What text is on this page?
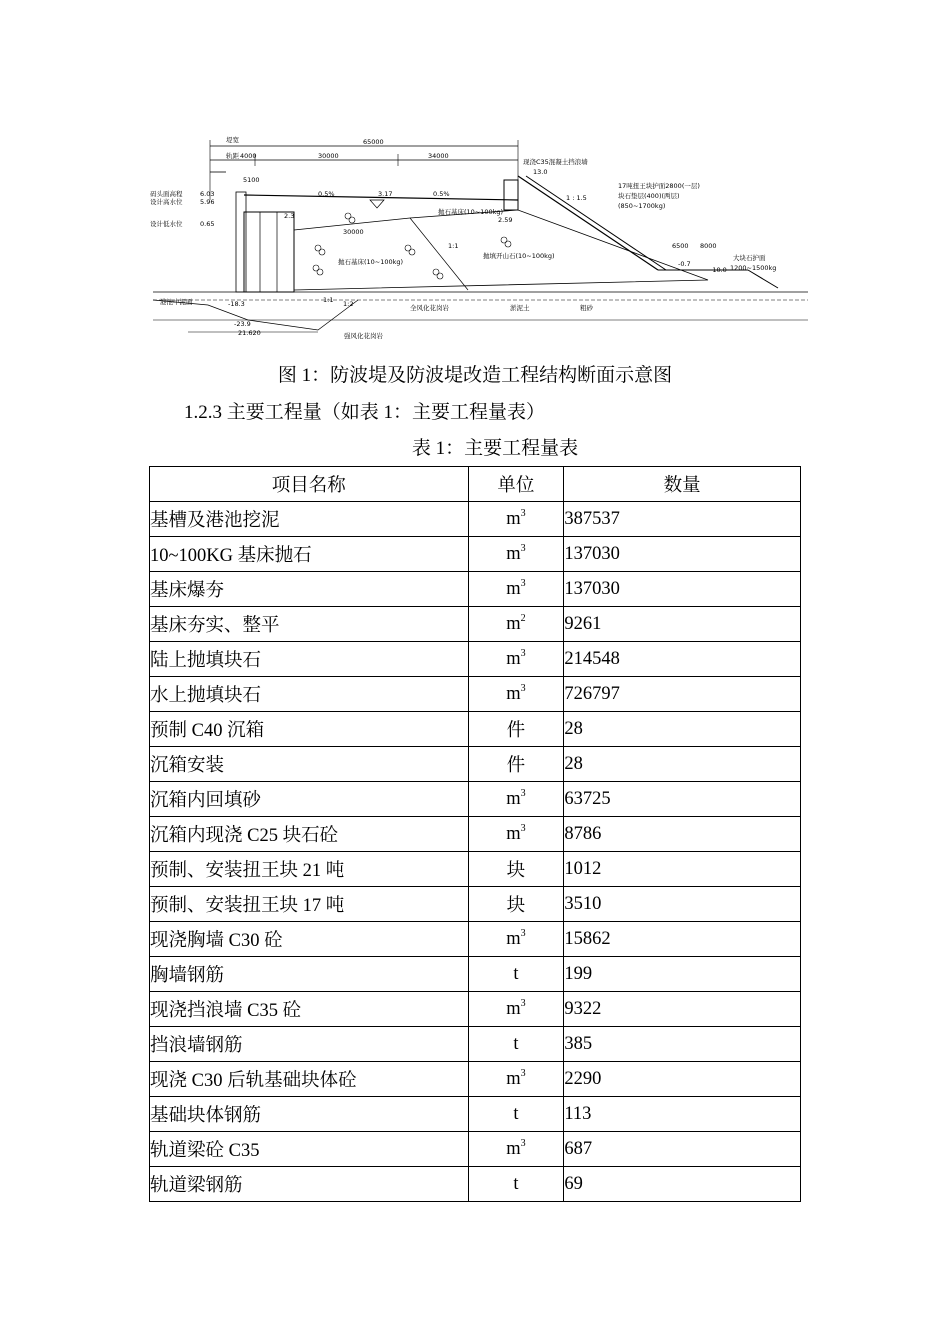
堤宽	65000
轨距 4000	30000	34000
现浇C35混凝土挡浪墙
13.0
5100
码头面高程	6.03
设计高水位	5.96
设计低水位	0.65
0.5%	3.17	0.5%
2.3	抛石基床(10~100kg)
30000
抛石基床(10~100kg)
抛填开山石(10~100kg)
1:1
2.59
1 : 1.5
17吨扭王块护面2800(一层)
块石垫层(400)(两层)
(850~1700kg)
6500 8000
大块石护面
1200~1500kg
-0.7
-10.0
港池中泥面	-18.3	1:1 1:2	全风化花岗岩	淤泥土	粗砂
-23.9
21.620	强风化花岗岩
图 1：防波堤及防波堤改造工程结构断面示意图
1.2.3 主要工程量（如表 1：主要工程量表）
表 1：主要工程量表
项目名称	单位	数量
基槽及港池挖泥	$m^3$	387537
10~100KG 基床抛石	$m^3$	137030
基床爆夯	$m^3$	137030
基床夯实、整平	$m^2$	9261
陆上抛填块石	$m^3$	214548
水上抛填块石	$m^3$	726797
预制 C40 沉箱	件	28
沉箱安装	件	28
沉箱内回填砂	$m^3$	63725
沉箱内现浇 C25 块石砼	$m^3$	8786
预制、安装扭王块 21 吨	块	1012
预制、安装扭王块 17 吨	块	3510
现浇胸墙 C30 砼	$m^3$	15862
胸墙钢筋	t	199
现浇挡浪墙 C35 砼	$m^3$	9322
挡浪墙钢筋	t	385
现浇 C30 后轨基础块体砼	$m^3$	2290
基础块体钢筋	t	113
轨道梁砼 C35	$m^3$	687
轨道梁钢筋	t	69
